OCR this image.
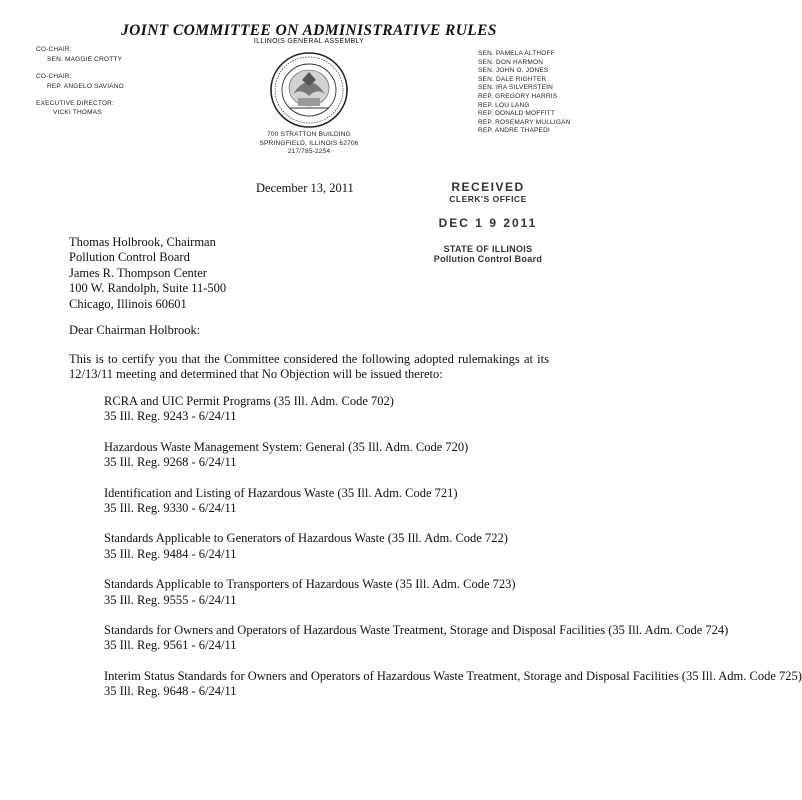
JOINT COMMITTEE ON ADMINISTRATIVE RULES
ILLINOIS GENERAL ASSEMBLY
CO-CHAIR:
SEN. MAGGIE CROTTY
CO-CHAIR:
REP. ANGELO SAVIANO
EXECUTIVE DIRECTOR:
VICKI THOMAS
SEN. PAMELA ALTHOFF
SEN. DON HARMON
SEN. JOHN O. JONES
SEN. DALE RIGHTER
SEN. IRA SILVERSTEIN
REP. GREGORY HARRIS
REP. LOU LANG
REP. DONALD MOFFITT
REP. ROSEMARY MULLIGAN
REP. ANDRE THAPEDI
700 STRATTON BUILDING
SPRINGFIELD, ILLINOIS 62706
217/785-2254
December 13, 2011	RECEIVED
CLERK'S OFFICE
DEC 1 9 2011
STATE OF ILLINOIS
Pollution Control Board
Thomas Holbrook, Chairman
Pollution Control Board
James R. Thompson Center
100 W. Randolph, Suite 11-500
Chicago, Illinois 60601
Dear Chairman Holbrook:
This is to certify you that the Committee considered the following adopted rulemakings at its 12/13/11 meeting and determined that No Objection will be issued thereto:
RCRA and UIC Permit Programs (35 Ill. Adm. Code 702)
35 Ill. Reg. 9243 - 6/24/11
Hazardous Waste Management System: General (35 Ill. Adm. Code 720)
35 Ill. Reg. 9268 - 6/24/11
Identification and Listing of Hazardous Waste (35 Ill. Adm. Code 721)
35 Ill. Reg. 9330 - 6/24/11
Standards Applicable to Generators of Hazardous Waste (35 Ill. Adm. Code 722)
35 Ill. Reg. 9484 - 6/24/11
Standards Applicable to Transporters of Hazardous Waste (35 Ill. Adm. Code 723)
35 Ill. Reg. 9555 - 6/24/11
Standards for Owners and Operators of Hazardous Waste Treatment, Storage and Disposal Facilities (35 Ill. Adm. Code 724)
35 Ill. Reg. 9561 - 6/24/11
Interim Status Standards for Owners and Operators of Hazardous Waste Treatment, Storage and Disposal Facilities (35 Ill. Adm. Code 725)
35 Ill. Reg. 9648 - 6/24/11
